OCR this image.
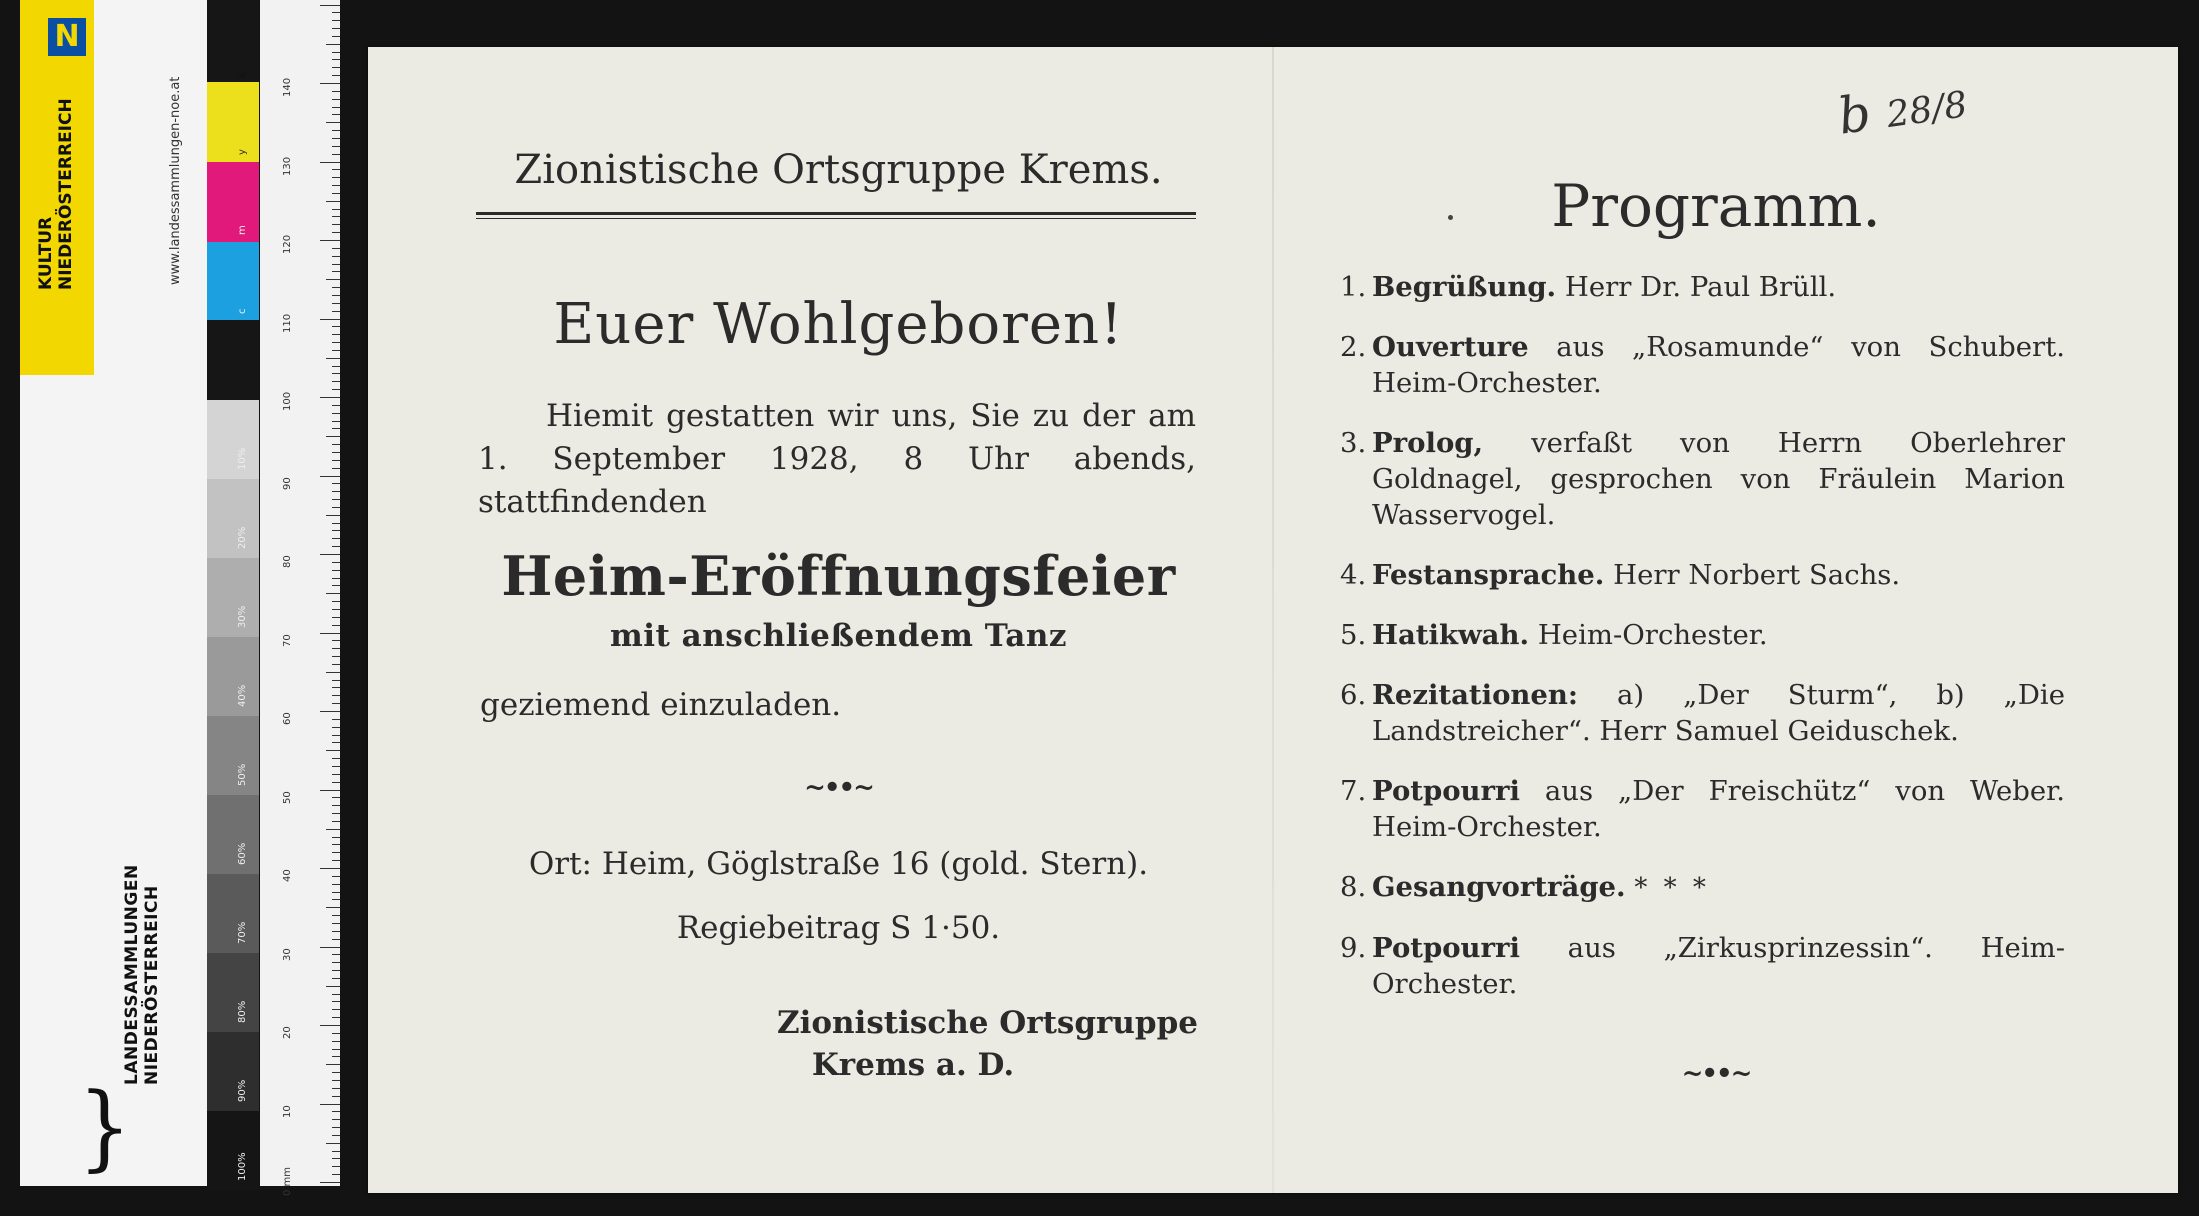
N
KULTUR
NIEDERÖSTERREICH	www.landessammlungen-noe.at
}
LANDESSAMMLUNGEN
NIEDERÖSTERREICH
k
y
m
c
10%
20%
30%
40%
50%
60%
70%
80%
90%
100%
0 mm
10
20
30
40
50
60
70
80
90
100
110
120
130
140
Zionistische Ortsgruppe Krems.
Euer Wohlgeboren!
Hiemit gestatten wir uns, Sie zu der am 1. September 1928, 8 Uhr abends, stattfindenden
Heim-Eröffnungsfeier
mit anschließendem Tanz
geziemend einzuladen.
~••~
Ort: Heim, Göglstraße 16 (gold. Stern).
Regiebeitrag S 1·50.
Zionistische Ortsgruppe
Krems a. D.
b 28/8
Programm.
1. Begrüßung. Herr Dr. Paul Brüll.
2. Ouverture aus „Rosamunde“ von Schubert. Heim-Orchester.
3. Prolog, verfaßt von Herrn Oberlehrer Goldnagel, gesprochen von Fräulein Marion Wasservogel.
4. Festansprache. Herr Norbert Sachs.
5. Hatikwah. Heim-Orchester.
6. Rezitationen: a) „Der Sturm“, b) „Die Landstreicher“. Herr Samuel Geiduschek.
7. Potpourri aus „Der Freischütz“ von Weber. Heim-Orchester.
8. Gesangvorträge. * * *
9. Potpourri aus „Zirkusprinzessin“. Heim-Orchester.
~••~
